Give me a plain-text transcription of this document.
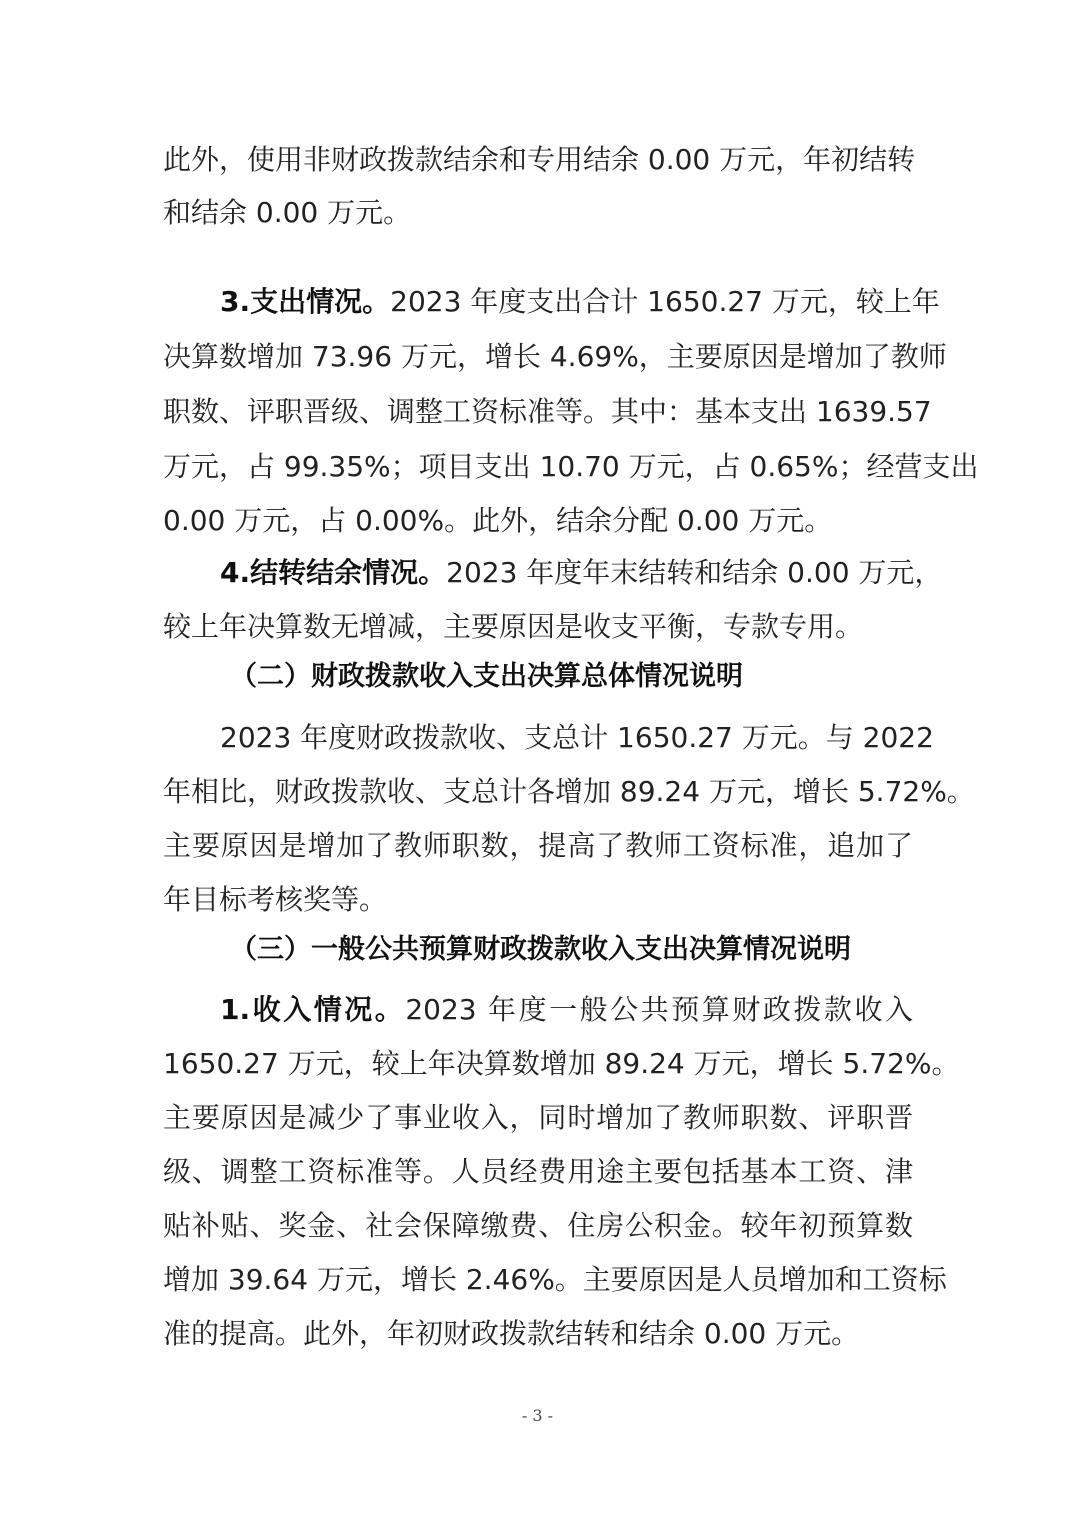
此外，使用非财政拨款结余和专用结余 0.00 万元，年初结转
和结余 0.00 万元。
3.支出情况。2023 年度支出合计 1650.27 万元，较上年
决算数增加 73.96 万元，增长 4.69%，主要原因是增加了教师
职数、评职晋级、调整工资标准等。其中：基本支出 1639.57
万元，占 99.35%；项目支出 10.70 万元，占 0.65%；经营支出
0.00 万元，占 0.00%。此外，结余分配 0.00 万元。
4.结转结余情况。2023 年度年末结转和结余 0.00 万元，
较上年决算数无增减，主要原因是收支平衡，专款专用。
（二）财政拨款收入支出决算总体情况说明
2023 年度财政拨款收、支总计 1650.27 万元。与 2022
年相比，财政拨款收、支总计各增加 89.24 万元，增长 5.72%。
主要原因是增加了教师职数，提高了教师工资标准，追加了
年目标考核奖等。
（三）一般公共预算财政拨款收入支出决算情况说明
1.收入情况。2023 年度一般公共预算财政拨款收入
1650.27 万元，较上年决算数增加 89.24 万元，增长 5.72%。
主要原因是减少了事业收入，同时增加了教师职数、评职晋
级、调整工资标准等。人员经费用途主要包括基本工资、津
贴补贴、奖金、社会保障缴费、住房公积金。较年初预算数
增加 39.64 万元，增长 2.46%。主要原因是人员增加和工资标
准的提高。此外，年初财政拨款结转和结余 0.00 万元。
- 3 -
